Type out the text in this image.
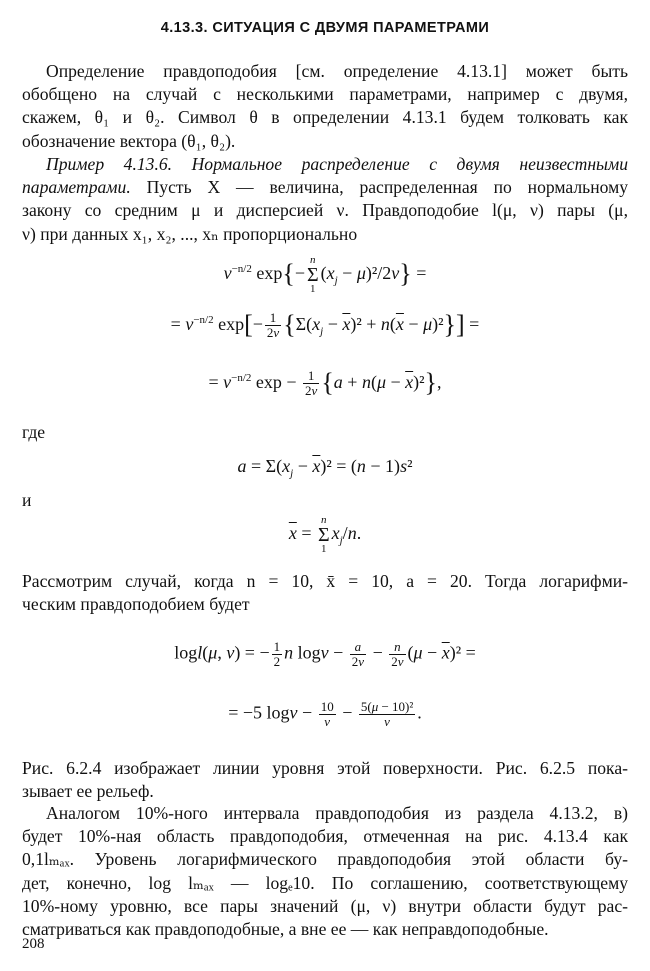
4.13.3. СИТУАЦИЯ С ДВУМЯ ПАРАМЕТРАМИ
Определение правдоподобия [см. определение 4.13.1] может быть
обобщено на случай с несколькими параметрами, например с двумя,
скажем, θ₁ и θ₂. Символ θ в определении 4.13.1 будем толковать как
обозначение вектора (θ₁, θ₂).
Пример 4.13.6. Нормальное распределение с двумя неизвестными
параметрами. Пусть X — величина, распределенная по нормальному
закону со средним μ и дисперсией ν. Правдоподобие l(μ, ν) пары (μ,
ν) при данных x₁, x₂, ..., xₙ пропорционально
$\nu^{-n/2}$ exp{−n
Σ
$1(x_j - \mu)^2/2\nu$} =
= $\nu^{-n/2}$ $\exp[- \frac{1}{2\nu} \{\Sigma(x_j - \overline{x})^2 + n(\overline{x} - \mu)^2\}]$ =
= $\nu^{-n/2}$ $\exp - \frac{1}{2\nu} \{a + n(\mu - \overline{x})^2\}$,
где
$a = \Sigma(x_j - \overline{x})^2 = (n - 1)s^2$
и
$\overline{x} = n$
Σ
$1x_j/n$.
Рассмотрим случай, когда n = 10, x̄ = 10, a = 20. Тогда логарифми-
ческим правдоподобием будет
logl(μ, ν) = − $\frac{1}{2}$ n $\log\nu - \frac{a}{2\nu} - \frac{n}{2\nu} (\mu - \overline{x})^2$ =
= −5 $\log\nu - \frac{10}{\nu} - \frac{\text{5(μ − 10)²}}{\nu}$ .
Рис. 6.2.4 изображает линии уровня этой поверхности. Рис. 6.2.5 пока-
зывает ее рельеф.
Аналогом 10%-ного интервала правдоподобия из раздела 4.13.2, в)
будет 10%-ная область правдоподобия, отмеченная на рис. 4.13.4 как
0,1lₘₐₓ. Уровень логарифмического правдоподобия этой области бу-
дет, конечно, log lₘₐₓ — logₑ10. По соглашению, соответствующему
10%-ному уровню, все пары значений (μ, ν) внутри области будут рас-
сматриваться как правдоподобные, а вне ее — как неправдоподобные.
208
